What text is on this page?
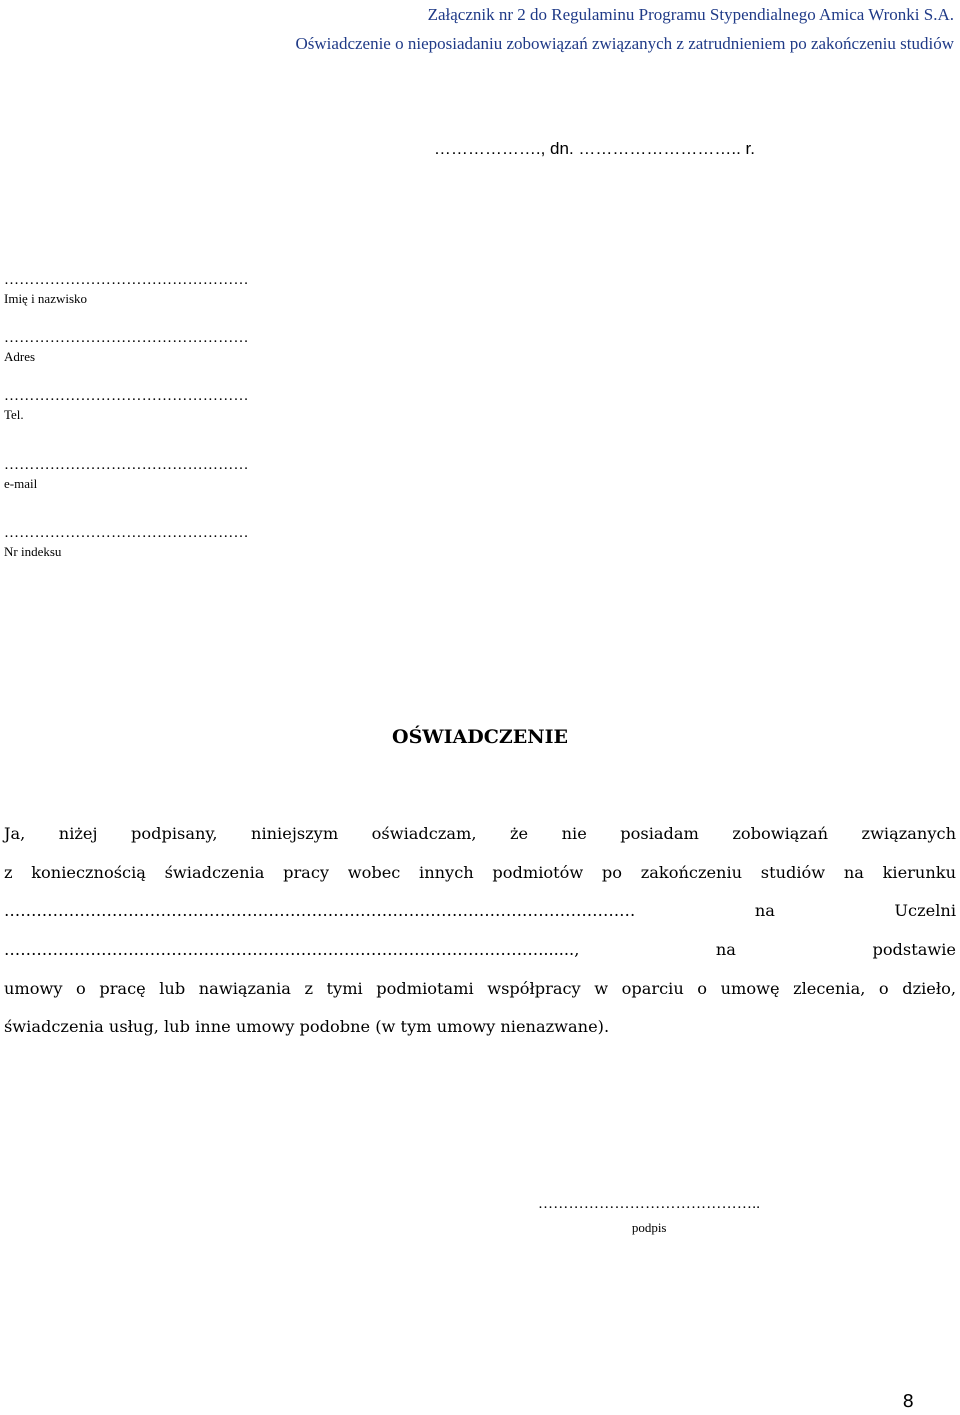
Załącznik nr 2 do Regulaminu Programu Stypendialnego Amica Wronki S.A.
Oświadczenie o nieposiadaniu zobowiązań związanych z zatrudnieniem po zakończeniu studiów
………………., dn. ……………………….. r.
…………………………………………
Imię i nazwisko
…………………………………………
Adres
…………………………………………
Tel.
…………………………………………
e-mail
…………………………………………
Nr indeksu
OŚWIADCZENIE
Ja, niżej podpisany, niniejszym oświadczam, że nie posiadam zobowiązań związanych
z koniecznością świadczenia pracy wobec innych podmiotów po zakończeniu studiów na kierunku
……………………………………………………………………………………………………… na Uczelni
………………………………………………………………………………………......., na podstawie
umowy o pracę lub nawiązania z tymi podmiotami współpracy w oparciu o umowę zlecenia, o dzieło,
świadczenia usług, lub inne umowy podobne (w tym umowy nienazwane).
……………………………………..
podpis
8
